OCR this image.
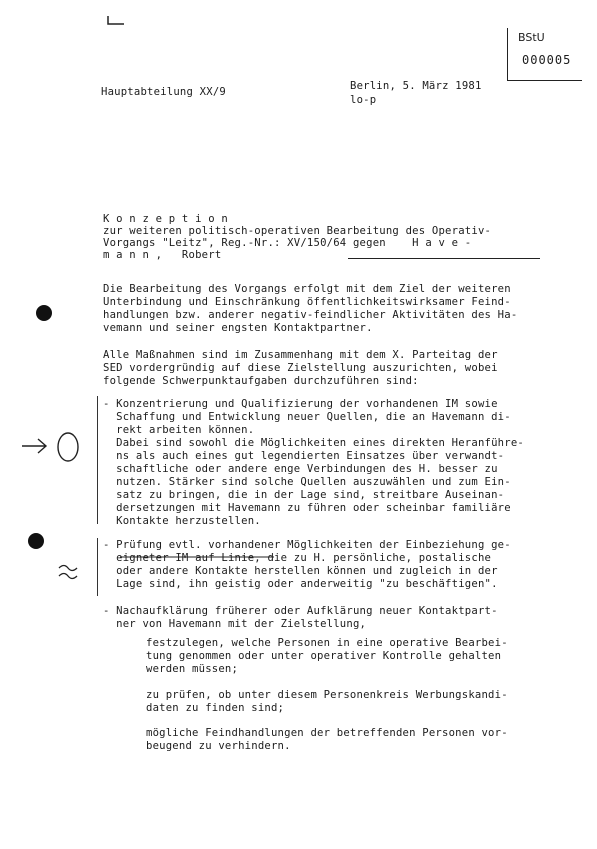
BStU
000005
Hauptabteilung XX/9	Berlin, 5. März 1981
lo-p
K o n z e p t i o n
zur weiteren politisch-operativen Bearbeitung des Operativ-
Vorgangs "Leitz", Reg.-Nr.: XV/150/64 gegen    H a v e -
m a n n ,   Robert
Die Bearbeitung des Vorgangs erfolgt mit dem Ziel der weiteren
Unterbindung und Einschränkung öffentlichkeitswirksamer Feind-
handlungen bzw. anderer negativ-feindlicher Aktivitäten des Ha-
vemann und seiner engsten Kontaktpartner.
Alle Maßnahmen sind im Zusammenhang mit dem X. Parteitag der
SED vordergründig auf diese Zielstellung auszurichten, wobei
folgende Schwerpunktaufgaben durchzuführen sind:
- Konzentrierung und Qualifizierung der vorhandenen IM sowie
Schaffung und Entwicklung neuer Quellen, die an Havemann di-
rekt arbeiten können.
Dabei sind sowohl die Möglichkeiten eines direkten Heranführe-
ns als auch eines gut legendierten Einsatzes über verwandt-
schaftliche oder andere enge Verbindungen des H. besser zu
nutzen. Stärker sind solche Quellen auszuwählen und zum Ein-
satz zu bringen, die in der Lage sind, streitbare Auseinan-
dersetzungen mit Havemann zu führen oder scheinbar familiäre
Kontakte herzustellen.
- Prüfung evtl. vorhandener Möglichkeiten der Einbeziehung ge-
eigneter IM auf Linie, die zu H. persönliche, postalische
oder andere Kontakte herstellen können und zugleich in der
Lage sind, ihn geistig oder anderweitig "zu beschäftigen".
- Nachaufklärung früherer oder Aufklärung neuer Kontaktpart-
ner von Havemann mit der Zielstellung,
festzulegen, welche Personen in eine operative Bearbei-
tung genommen oder unter operativer Kontrolle gehalten
werden müssen;
zu prüfen, ob unter diesem Personenkreis Werbungskandi-
daten zu finden sind;
mögliche Feindhandlungen der betreffenden Personen vor-
beugend zu verhindern.
